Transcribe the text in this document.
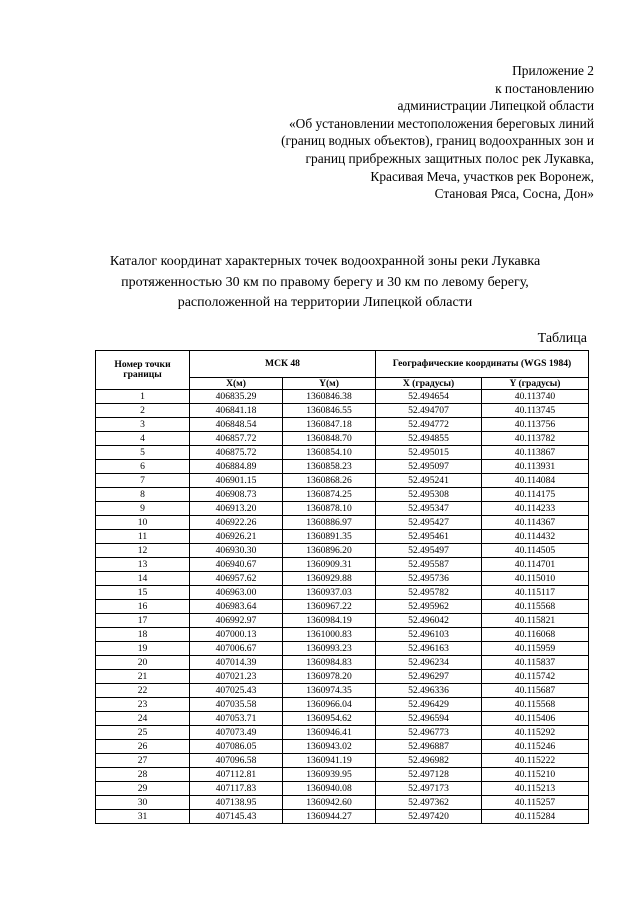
Приложение 2
к постановлению
администрации Липецкой области
«Об установлении местоположения береговых линий
(границ водных объектов), границ водоохранных зон и
границ прибрежных защитных полос рек Лукавка,
Красивая Меча, участков рек Воронеж,
Становая Ряса, Сосна, Дон»
Каталог координат характерных точек водоохранной зоны реки Лукавка
протяженностью 30 км по правому берегу и 30 км по левому берегу,
расположенной на территории Липецкой области
Таблица
Номер точки границы	МСК 48		Географические координаты (WGS 1984)	
	X(м)	Y(м)	X (градусы)	Y (градусы)
1	406835.29	1360846.38	52.494654	40.113740
2	406841.18	1360846.55	52.494707	40.113745
3	406848.54	1360847.18	52.494772	40.113756
4	406857.72	1360848.70	52.494855	40.113782
5	406875.72	1360854.10	52.495015	40.113867
6	406884.89	1360858.23	52.495097	40.113931
7	406901.15	1360868.26	52.495241	40.114084
8	406908.73	1360874.25	52.495308	40.114175
9	406913.20	1360878.10	52.495347	40.114233
10	406922.26	1360886.97	52.495427	40.114367
11	406926.21	1360891.35	52.495461	40.114432
12	406930.30	1360896.20	52.495497	40.114505
13	406940.67	1360909.31	52.495587	40.114701
14	406957.62	1360929.88	52.495736	40.115010
15	406963.00	1360937.03	52.495782	40.115117
16	406983.64	1360967.22	52.495962	40.115568
17	406992.97	1360984.19	52.496042	40.115821
18	407000.13	1361000.83	52.496103	40.116068
19	407006.67	1360993.23	52.496163	40.115959
20	407014.39	1360984.83	52.496234	40.115837
21	407021.23	1360978.20	52.496297	40.115742
22	407025.43	1360974.35	52.496336	40.115687
23	407035.58	1360966.04	52.496429	40.115568
24	407053.71	1360954.62	52.496594	40.115406
25	407073.49	1360946.41	52.496773	40.115292
26	407086.05	1360943.02	52.496887	40.115246
27	407096.58	1360941.19	52.496982	40.115222
28	407112.81	1360939.95	52.497128	40.115210
29	407117.83	1360940.08	52.497173	40.115213
30	407138.95	1360942.60	52.497362	40.115257
31	407145.43	1360944.27	52.497420	40.115284
